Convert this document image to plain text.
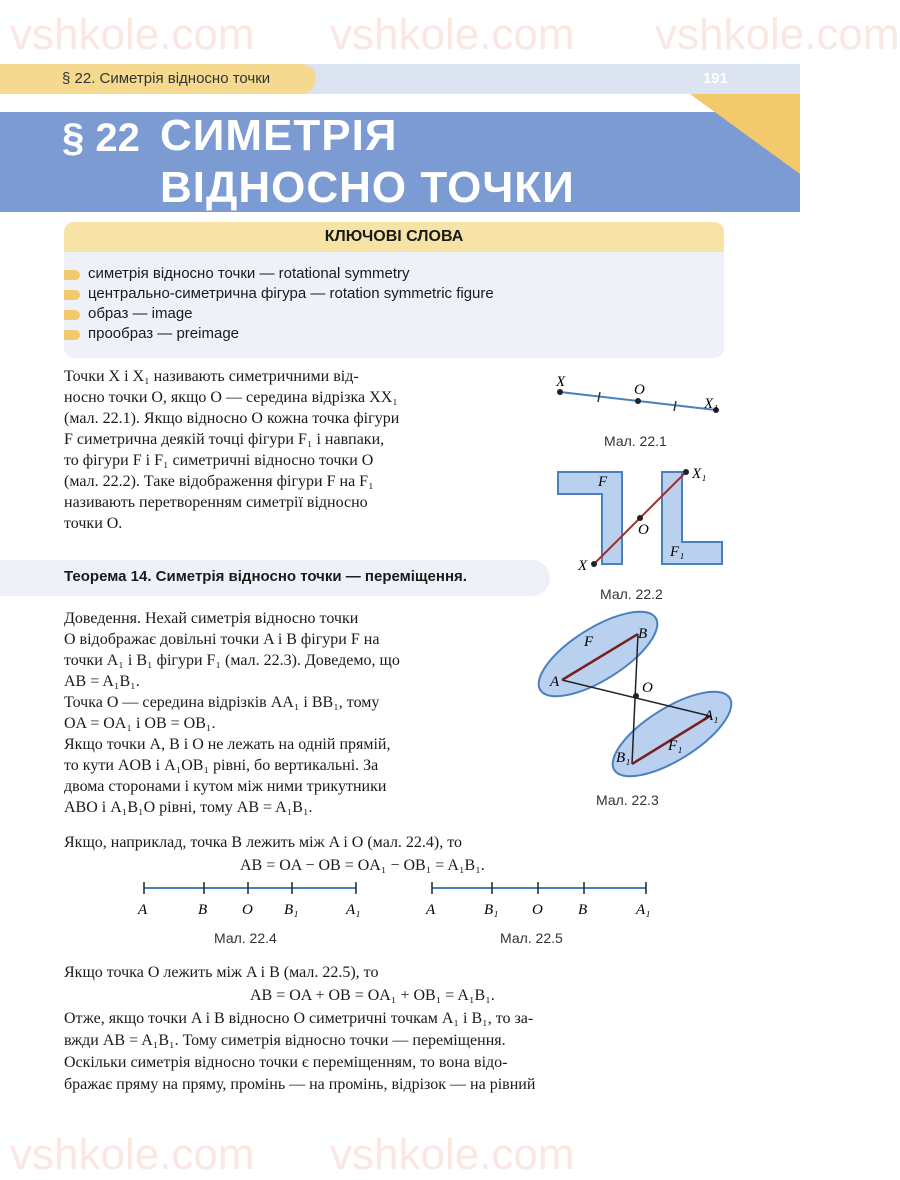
vshkole.com vshkole.com vshkole.com
vshkole.com vshkole.com
§ 22. Симетрія відносно точки	191
§ 22 СИМЕТРІЯ
ВІДНОСНО ТОЧКИ
КЛЮЧОВІ СЛОВА
симетрія відносно точки — rotational symmetry
центрально-симетрична фігура — rotation symmetric figure
образ — image
прообраз — preimage
Точки X і X₁ називають симетричними від-
носно точки O, якщо O — середина відрізка XX₁
(мал. 22.1). Якщо відносно O кожна точка фігури
F симетрична деякій точці фігури F₁ і навпаки,
то фігури F і F₁ симетричні відносно точки O
(мал. 22.2). Таке відображення фігури F на F₁
називають перетворенням симетрії відносно
точки O.
Теорема 14. Симетрія відносно точки — переміщення.
Доведення. Нехай симетрія відносно точки
O відображає довільні точки A і B фігури F на
точки A₁ і B₁ фігури F₁ (мал. 22.3). Доведемо, що
AB = A₁B₁.
Точка O — середина відрізків AA₁ і BB₁, тому
OA = OA₁ і OB = OB₁.
Якщо точки A, B і O не лежать на одній прямій,
то кути AOB і A₁OB₁ рівні, бо вертикальні. За
двома сторонами і кутом між ними трикутники
ABO і A₁B₁O рівні, тому AB = A₁B₁.
Якщо, наприклад, точка B лежить між A і O (мал. 22.4), то
AB = OA − OB = OA₁ − OB₁ = A₁B₁.
Якщо точка O лежить між A і B (мал. 22.5), то
AB = OA + OB = OA₁ + OB₁ = A₁B₁.
Отже, якщо точки A і B відносно O симетричні точкам A₁ і B₁, то за-
вжди AB = A₁B₁. Тому симетрія відносно точки — переміщення.
Оскільки симетрія відносно точки є переміщенням, то вона відо-
бражає пряму на пряму, промінь — на промінь, відрізок — на рівний
X	O
X₁
Мал. 22.1
X₁
F
O
F₁
X
Мал. 22.2
F	B
A	O
A₁
F₁
B₁
Мал. 22.3
A	B O B₁	A₁
Мал. 22.4
A	B₁ O B	A₁
Мал. 22.5
